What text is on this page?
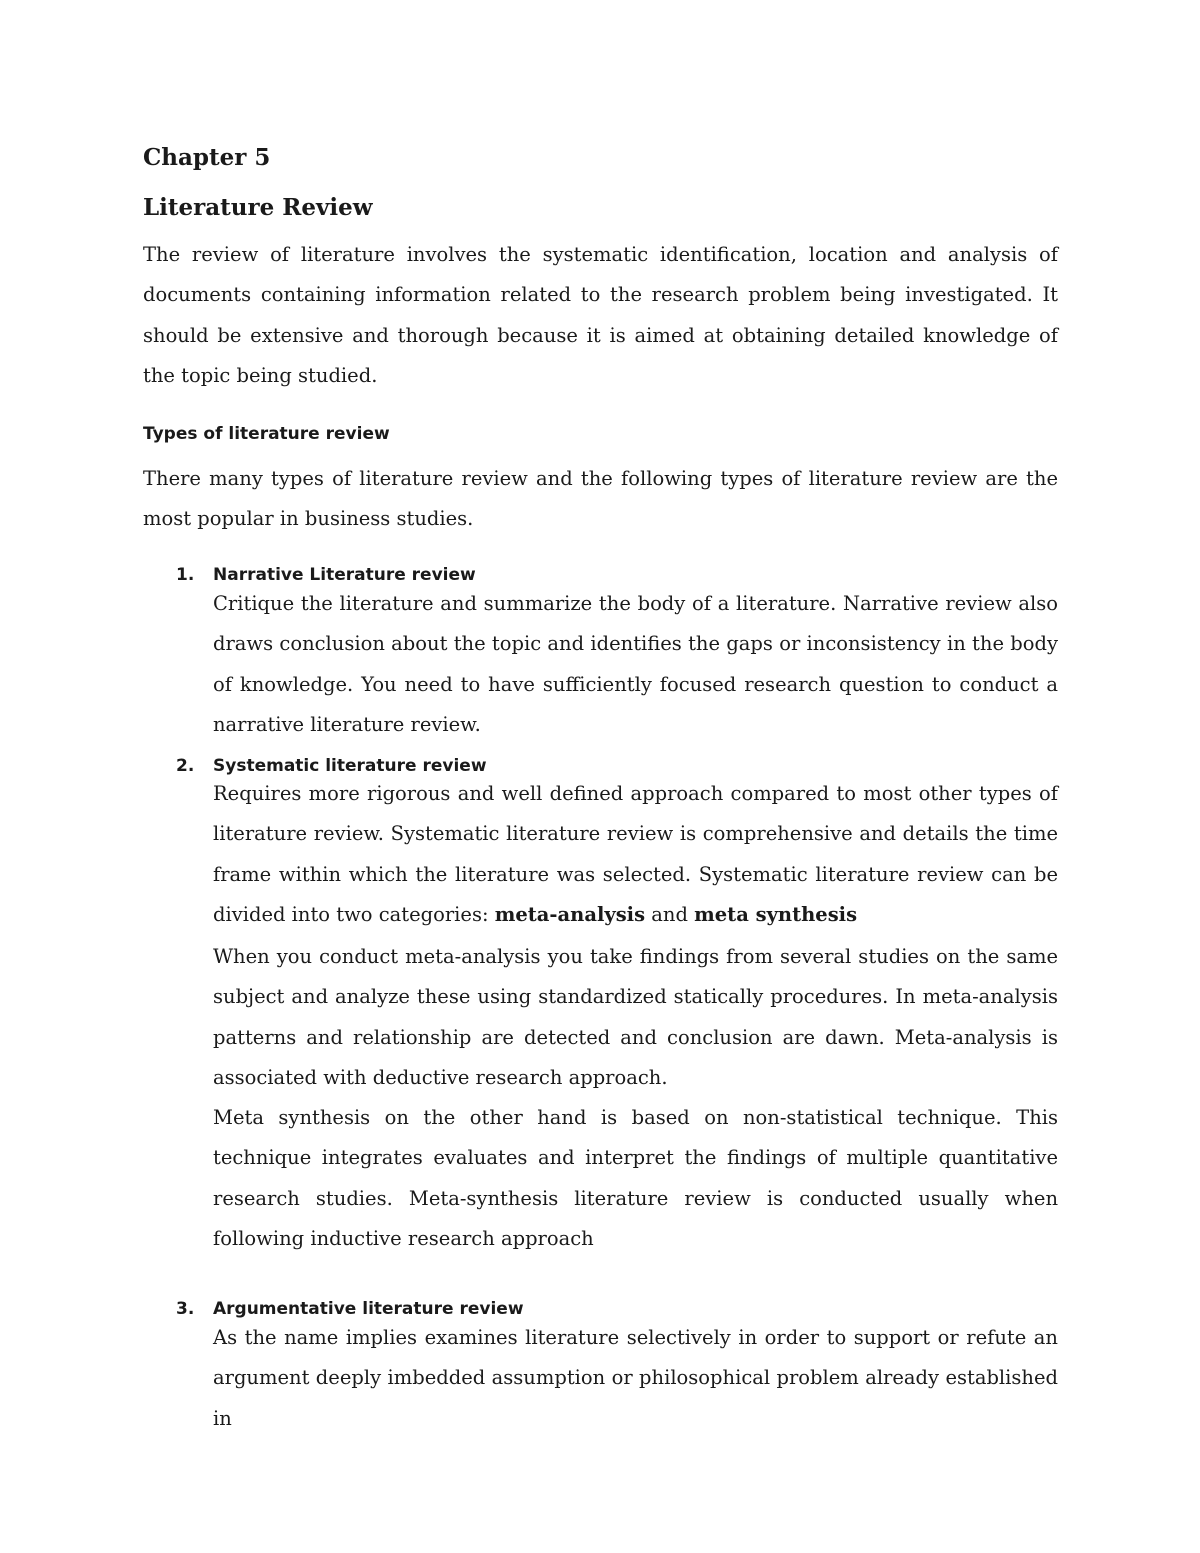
Chapter 5
Literature Review

The review of literature involves the systematic identification, location and analysis of documents containing information related to the research problem being investigated. It should be extensive and thorough because it is aimed at obtaining detailed knowledge of the topic being studied.

Types of literature review

There many types of literature review and the following types of literature review are the most popular in business studies.

1. Narrative Literature review

Critique the literature and summarize the body of a literature. Narrative review also draws conclusion about the topic and identifies the gaps or inconsistency in the body of knowledge. You need to have sufficiently focused research question to conduct a narrative literature review.

2. Systematic literature review

Requires more rigorous and well defined approach compared to most other types of literature review. Systematic literature review is comprehensive and details the time frame within which the literature was selected. Systematic literature review can be divided into two categories: meta-analysis and meta synthesis

When you conduct meta-analysis you take findings from several studies on the same subject and analyze these using standardized statically procedures. In meta-analysis patterns and relationship are detected and conclusion are dawn. Meta-analysis is associated with deductive research approach.

Meta synthesis on the other hand is based on non-statistical technique. This technique integrates evaluates and interpret the findings of multiple quantitative research studies. Meta-synthesis literature review is conducted usually when following inductive research approach

3. Argumentative literature review

As the name implies examines literature selectively in order to support or refute an argument deeply imbedded assumption or philosophical problem already established in
